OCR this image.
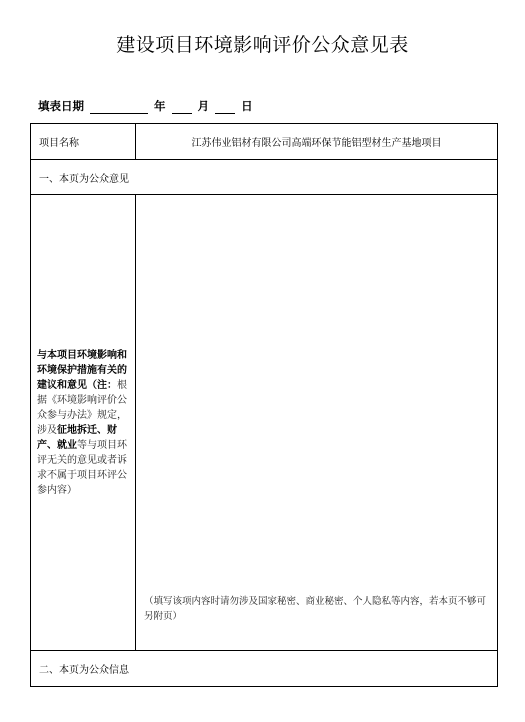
建设项目环境影响评价公众意见表
填表日期	年	月	日
项目名称	江苏伟业铝材有限公司高端环保节能铝型材生产基地项目
一、本页为公众意见	
与本项目环境影响和环境保护措施有关的建议和意见（注：根据《环境影响评价公众参与办法》规定，涉及征地拆迁、财产、就业等与项目环评无关的意见或者诉求不属于项目环评公参内容）	（填写该项内容时请勿涉及国家秘密、商业秘密、个人隐私等内容，若本页不够可另附页）

二、本页为公众信息	
